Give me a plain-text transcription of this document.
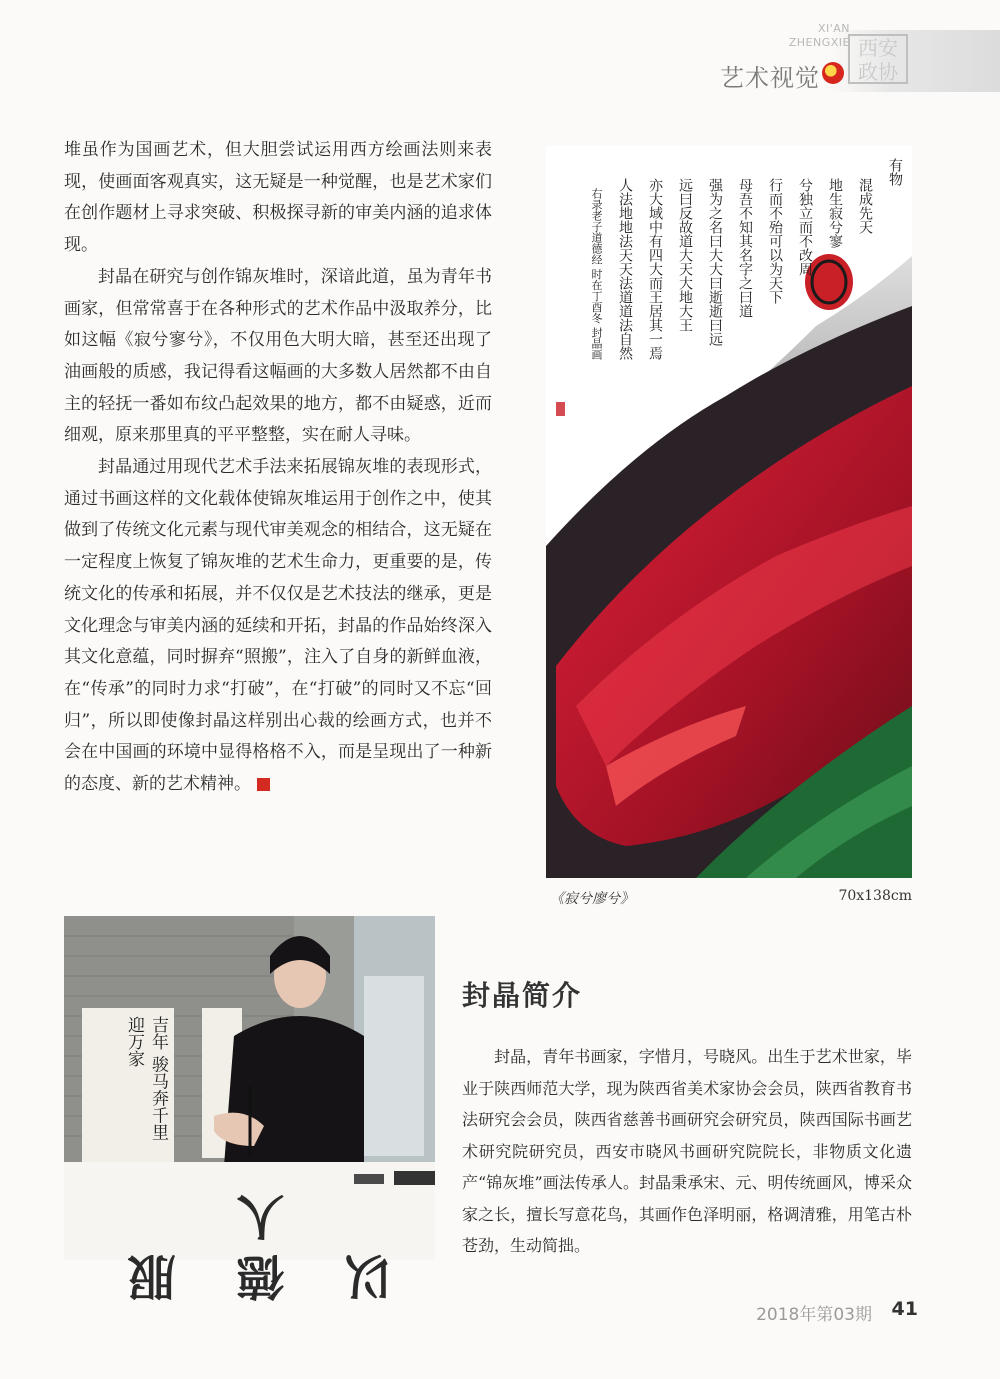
XI'AN
ZHENGXIE
艺术视觉
西安
政协

堆虽作为国画艺术，但大胆尝试运用西方绘画法则来表现，使画面客观真实，这无疑是一种觉醒，也是艺术家们在创作题材上寻求突破、积极探寻新的审美内涵的追求体现。

封晶在研究与创作锦灰堆时，深谙此道，虽为青年书画家，但常常喜于在各种形式的艺术作品中汲取养分，比如这幅《寂兮寥兮》，不仅用色大明大暗，甚至还出现了油画般的质感，我记得看这幅画的大多数人居然都不由自主的轻抚一番如布纹凸起效果的地方，都不由疑惑，近而细观，原来那里真的平平整整，实在耐人寻味。

封晶通过用现代艺术手法来拓展锦灰堆的表现形式，通过书画这样的文化载体使锦灰堆运用于创作之中，使其做到了传统文化元素与现代审美观念的相结合，这无疑在一定程度上恢复了锦灰堆的艺术生命力，更重要的是，传统文化的传承和拓展，并不仅仅是艺术技法的继承，更是文化理念与审美内涵的延续和开拓，封晶的作品始终深入其文化意蕴，同时摒弃“照搬”，注入了自身的新鲜血液，在“传承”的同时力求“打破”，在“打破”的同时又不忘“回归”，所以即使像封晶这样别出心裁的绘画方式，也并不会在中国画的环境中显得格格不入，而是呈现出了一种新的态度、新的艺术精神。

有物
混成先天
地生寂兮寥
兮独立而不改周
行而不殆可以为天下
母吾不知其名字之曰道
强为之名曰大大曰逝逝曰远
远曰反故道大天大地大王
亦大域中有四大而王居其一焉
人法地地法天天法道道法自然
右录老子道德经 时在丁酉冬 封晶画
《寂兮廖兮》	70x138cm
吉年 骏马奔千里 迎万家
以 德 服 人
封晶简介

封晶，青年书画家，字惜月，号晓风。出生于艺术世家，毕业于陕西师范大学，现为陕西省美术家协会会员，陕西省教育书法研究会会员，陕西省慈善书画研究会研究员，陕西国际书画艺术研究院研究员，西安市晓风书画研究院院长，非物质文化遗产“锦灰堆”画法传承人。封晶秉承宋、元、明传统画风，博采众家之长，擅长写意花鸟，其画作色泽明丽，格调清雅，用笔古朴苍劲，生动简拙。

2018年第03期 41
